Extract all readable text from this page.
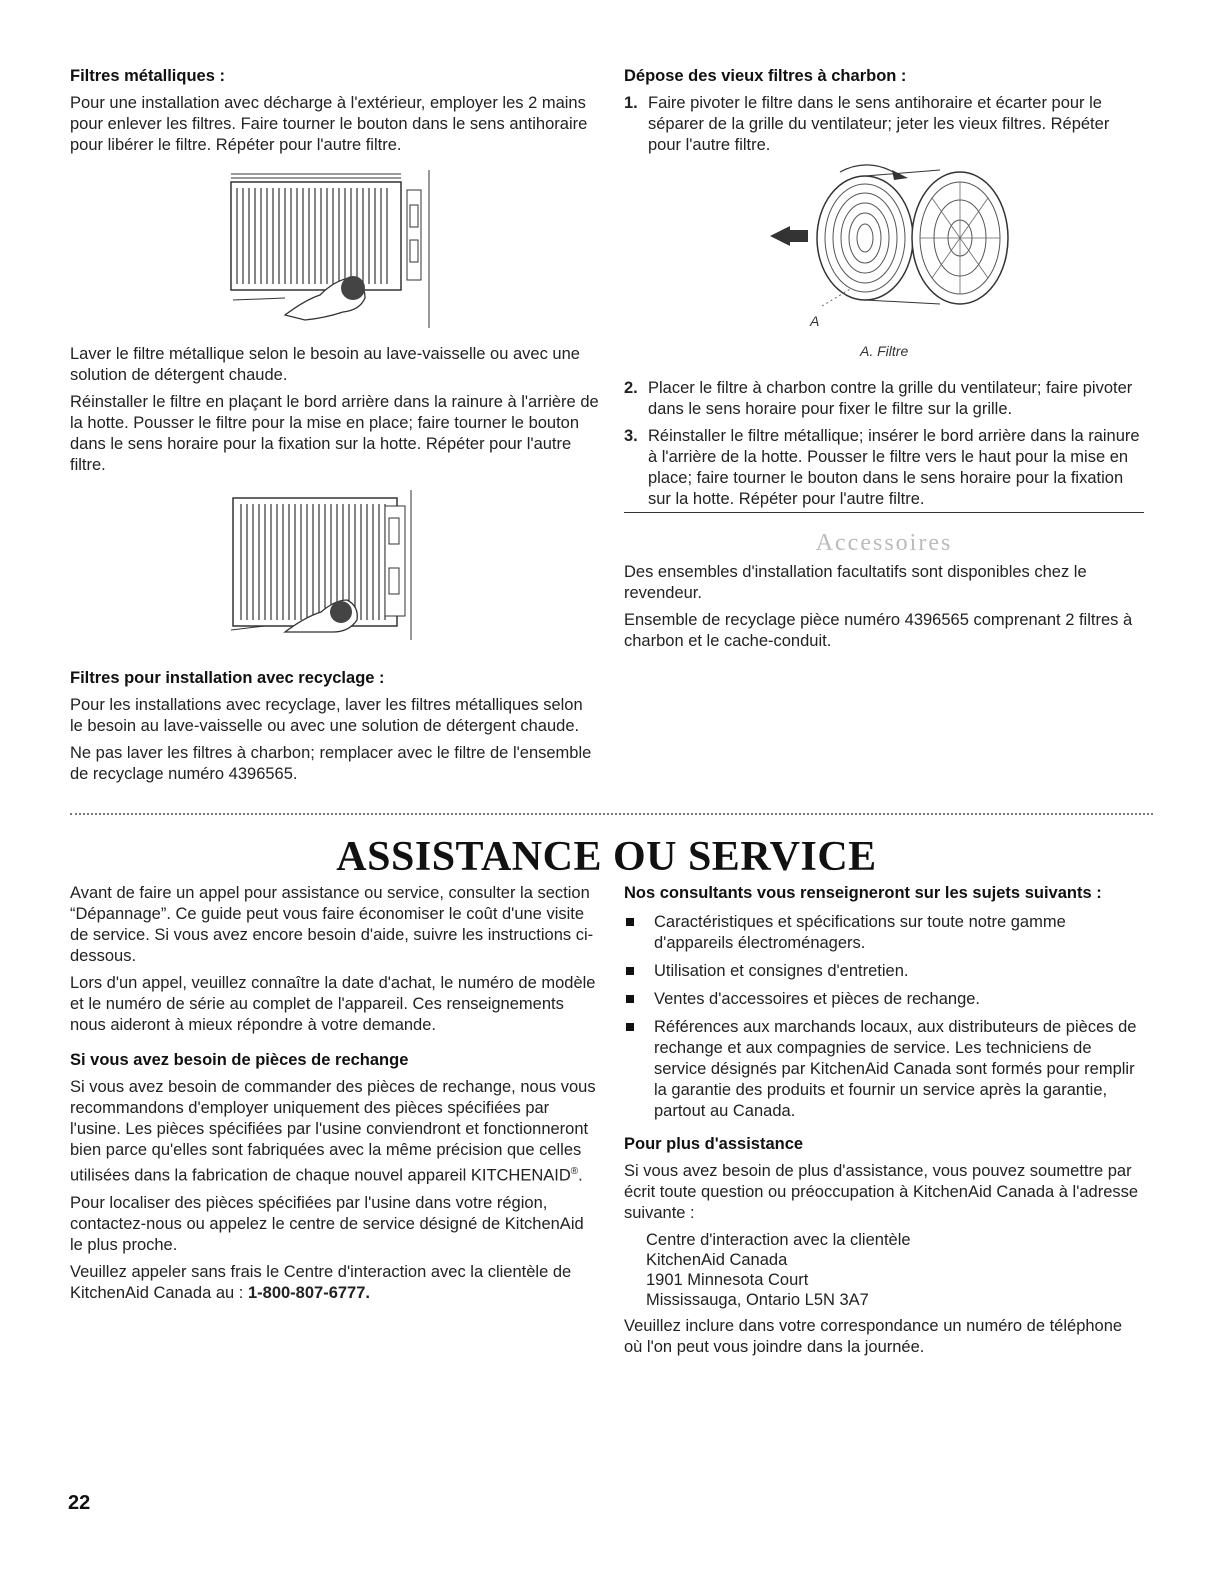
Filtres métalliques :

Pour une installation avec décharge à l'extérieur, employer les 2 mains pour enlever les filtres. Faire tourner le bouton dans le sens antihoraire pour libérer le filtre. Répéter pour l'autre filtre.

Laver le filtre métallique selon le besoin au lave-vaisselle ou avec une solution de détergent chaude.

Réinstaller le filtre en plaçant le bord arrière dans la rainure à l'arrière de la hotte. Pousser le filtre pour la mise en place; faire tourner le bouton dans le sens horaire pour la fixation sur la hotte. Répéter pour l'autre filtre.

Filtres pour installation avec recyclage :

Pour les installations avec recyclage, laver les filtres métalliques selon le besoin au lave-vaisselle ou avec une solution de détergent chaude.

Ne pas laver les filtres à charbon; remplacer avec le filtre de l'ensemble de recyclage numéro 4396565.

Dépose des vieux filtres à charbon :

1. Faire pivoter le filtre dans le sens antihoraire et écarter pour le séparer de la grille du ventilateur; jeter les vieux filtres. Répéter pour l'autre filtre.
A
A. Filtre
2. Placer le filtre à charbon contre la grille du ventilateur; faire pivoter dans le sens horaire pour fixer le filtre sur la grille.
3. Réinstaller le filtre métallique; insérer le bord arrière dans la rainure à l'arrière de la hotte. Pousser le filtre vers le haut pour la mise en place; faire tourner le bouton dans le sens horaire pour la fixation sur la hotte. Répéter pour l'autre filtre.
Accessoires

Des ensembles d'installation facultatifs sont disponibles chez le revendeur.

Ensemble de recyclage pièce numéro 4396565 comprenant 2 filtres à charbon et le cache-conduit.

ASSISTANCE OU SERVICE

Avant de faire un appel pour assistance ou service, consulter la section “Dépannage”. Ce guide peut vous faire économiser le coût d'une visite de service. Si vous avez encore besoin d'aide, suivre les instructions ci-dessous.

Lors d'un appel, veuillez connaître la date d'achat, le numéro de modèle et le numéro de série au complet de l'appareil. Ces renseignements nous aideront à mieux répondre à votre demande.

Si vous avez besoin de pièces de rechange

Si vous avez besoin de commander des pièces de rechange, nous vous recommandons d'employer uniquement des pièces spécifiées par l'usine. Les pièces spécifiées par l'usine conviendront et fonctionneront bien parce qu'elles sont fabriquées avec la même précision que celles utilisées dans la fabrication de chaque nouvel appareil KITCHENAID®.

Pour localiser des pièces spécifiées par l'usine dans votre région, contactez-nous ou appelez le centre de service désigné de KitchenAid le plus proche.

Veuillez appeler sans frais le Centre d'interaction avec la clientèle de KitchenAid Canada au : 1-800-807-6777.

Nos consultants vous renseigneront sur les sujets suivants :

Caractéristiques et spécifications sur toute notre gamme d'appareils électroménagers.
Utilisation et consignes d'entretien.
Ventes d'accessoires et pièces de rechange.
Références aux marchands locaux, aux distributeurs de pièces de rechange et aux compagnies de service. Les techniciens de service désignés par KitchenAid Canada sont formés pour remplir la garantie des produits et fournir un service après la garantie, partout au Canada.

Pour plus d'assistance

Si vous avez besoin de plus d'assistance, vous pouvez soumettre par écrit toute question ou préoccupation à KitchenAid Canada à l'adresse suivante :

Centre d'interaction avec la clientèle
KitchenAid Canada
1901 Minnesota Court
Mississauga, Ontario L5N 3A7

Veuillez inclure dans votre correspondance un numéro de téléphone où l'on peut vous joindre dans la journée.

22
